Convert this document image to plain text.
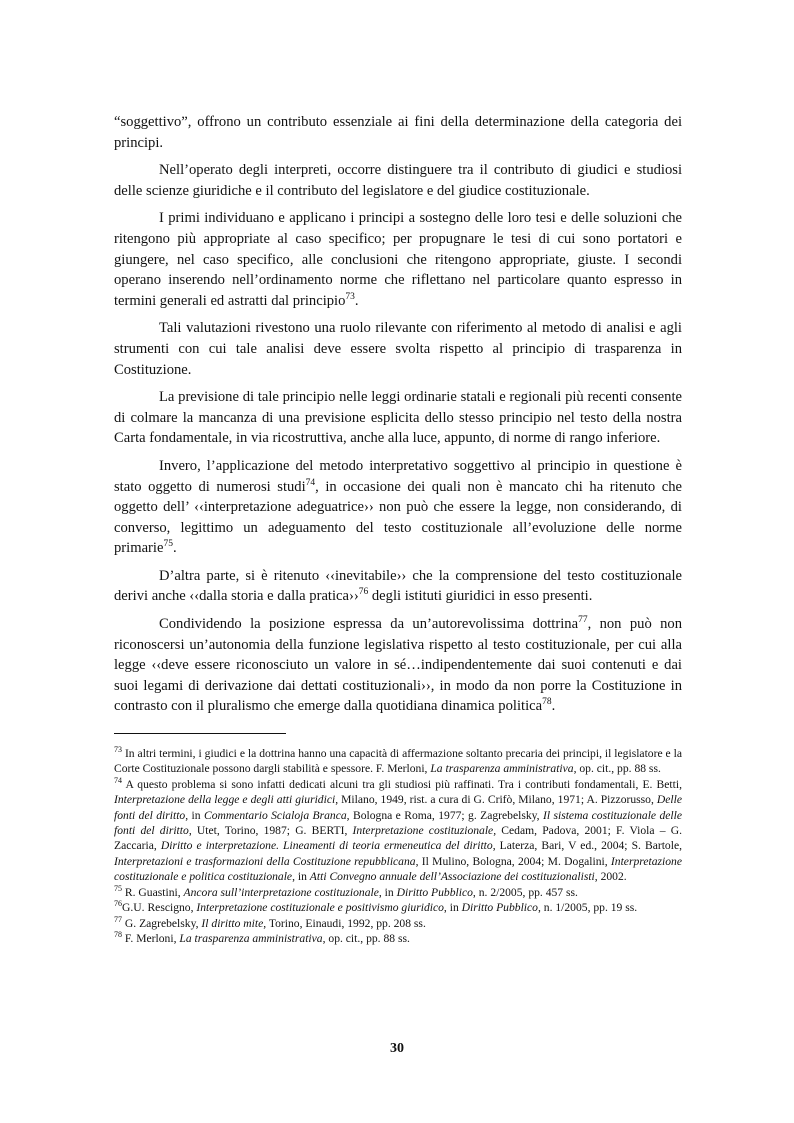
“soggettivo”, offrono un contributo essenziale ai fini della determinazione della categoria dei principi.

Nell’operato degli interpreti, occorre distinguere tra il contributo di giudici e studiosi delle scienze giuridiche e il contributo del legislatore e del giudice costituzionale.

I primi individuano e applicano i principi a sostegno delle loro tesi e delle soluzioni che ritengono più appropriate al caso specifico; per propugnare le tesi di cui sono portatori e giungere, nel caso specifico, alle conclusioni che ritengono appropriate, giuste. I secondi operano inserendo nell’ordinamento norme che riflettano nel particolare quanto espresso in termini generali ed astratti dal principio$^{73}$.

Tali valutazioni rivestono una ruolo rilevante con riferimento al metodo di analisi e agli strumenti con cui tale analisi deve essere svolta rispetto al principio di trasparenza in Costituzione.

La previsione di tale principio nelle leggi ordinarie statali e regionali più recenti consente di colmare la mancanza di una previsione esplicita dello stesso principio nel testo della nostra Carta fondamentale, in via ricostruttiva, anche alla luce, appunto, di norme di rango inferiore.

Invero, l’applicazione del metodo interpretativo soggettivo al principio in questione è stato oggetto di numerosi studi$^{74}$, in occasione dei quali non è mancato chi ha ritenuto che oggetto dell’ ‹‹interpretazione adeguatrice›› non può che essere la legge, non considerando, di converso, legittimo un adeguamento del testo costituzionale all’evoluzione delle norme primarie$^{75}$.

D’altra parte, si è ritenuto ‹‹inevitabile›› che la comprensione del testo costituzionale derivi anche ‹‹dalla storia e dalla pratica››$^{76}$ degli istituti giuridici in esso presenti.

Condividendo la posizione espressa da un’autorevolissima dottrina$^{77}$, non può non riconoscersi un’autonomia della funzione legislativa rispetto al testo costituzionale, per cui alla legge ‹‹deve essere riconosciuto un valore in sé…indipendentemente dai suoi contenuti e dai suoi legami di derivazione dai dettati costituzionali››, in modo da non porre la Costituzione in contrasto con il pluralismo che emerge dalla quotidiana dinamica politica$^{78}$.

$^{73}$ In altri termini, i giudici e la dottrina hanno una capacità di affermazione soltanto precaria dei principi, il legislatore e la Corte Costituzionale possono dargli stabilità e spessore. F. Merloni, La trasparenza amministrativa, op. cit., pp. 88 ss.

$^{74}$ A questo problema si sono infatti dedicati alcuni tra gli studiosi più raffinati. Tra i contributi fondamentali, E. Betti, Interpretazione della legge e degli atti giuridici, Milano, 1949, rist. a cura di G. Crifò, Milano, 1971; A. Pizzorusso, Delle fonti del diritto, in Commentario Scialoja Branca, Bologna e Roma, 1977; g. Zagrebelsky, Il sistema costituzionale delle fonti del diritto, Utet, Torino, 1987; G. BERTI, Interpretazione costituzionale, Cedam, Padova, 2001; F. Viola – G. Zaccaria, Diritto e interpretazione. Lineamenti di teoria ermeneutica del diritto, Laterza, Bari, V ed., 2004; S. Bartole, Interpretazioni e trasformazioni della Costituzione repubblicana, Il Mulino, Bologna, 2004; M. Dogalini, Interpretazione costituzionale e politica costituzionale, in Atti Convegno annuale dell’Associazione dei costituzionalisti, 2002.

$^{75}$ R. Guastini, Ancora sull’interpretazione costituzionale, in Diritto Pubblico, n. 2/2005, pp. 457 ss.

$^{76}$G.U. Rescigno, Interpretazione costituzionale e positivismo giuridico, in Diritto Pubblico, n. 1/2005, pp. 19 ss.

$^{77}$ G. Zagrebelsky, Il diritto mite, Torino, Einaudi, 1992, pp. 208 ss.

$^{78}$ F. Merloni, La trasparenza amministrativa, op. cit., pp. 88 ss.

30
